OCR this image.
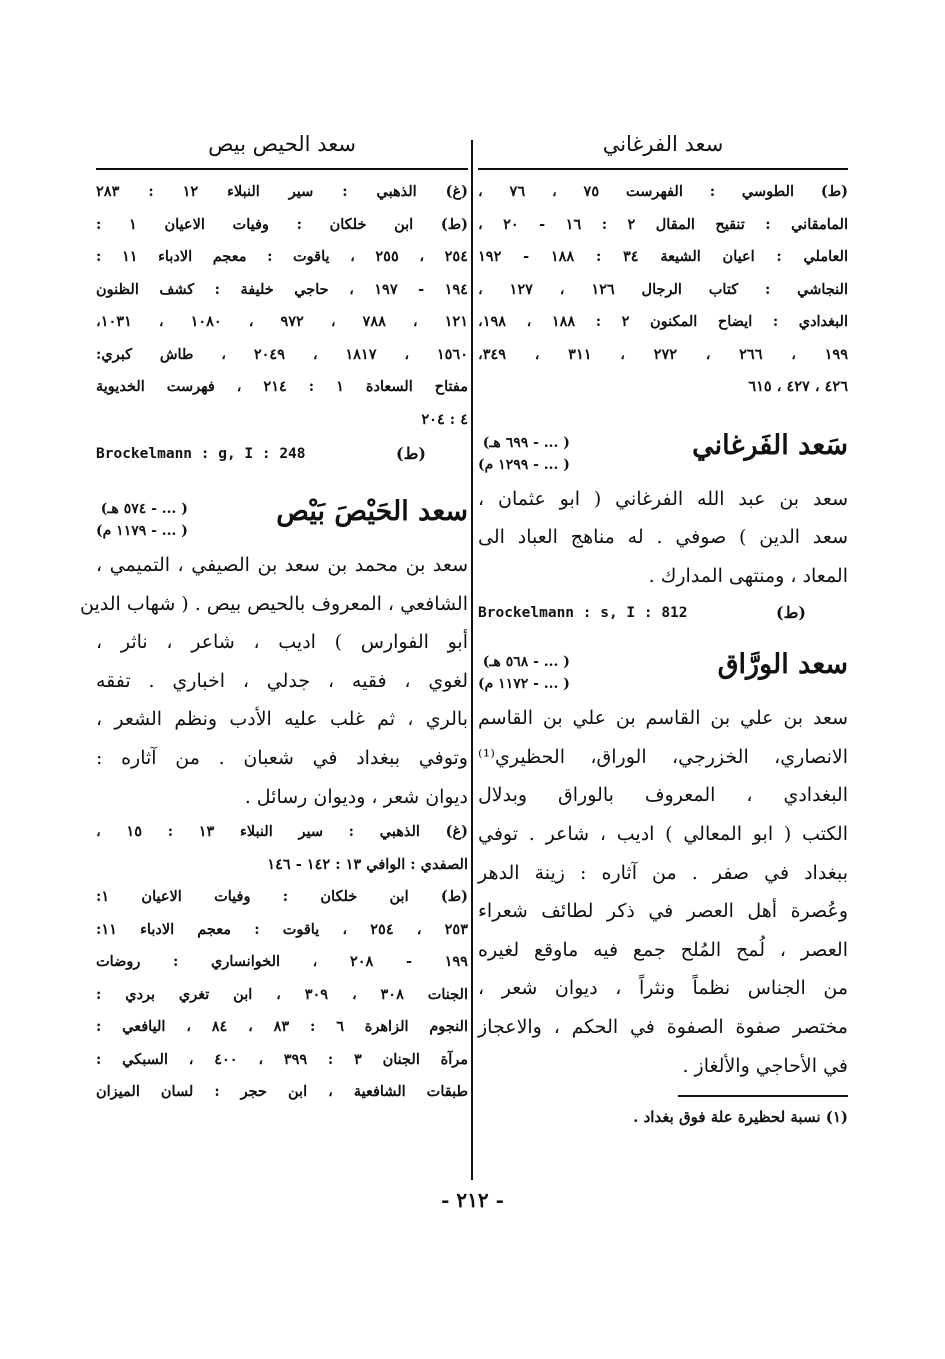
سعد الفرغاني

(ط) الطوسي : الفهرست ٧٥ ، ٧٦ ،

المامقاني : تنقيح المقال ٢ : ١٦ - ٢٠ ،

العاملي : اعيان الشيعة ٣٤ : ١٨٨ - ١٩٢

النجاشي : كتاب الرجال ١٢٦ ، ١٢٧ ،

البغدادي : ايضاح المكنون ٢ : ١٨٨ ، ١٩٨،

١٩٩ ، ٢٦٦ ، ٢٧٢ ، ٣١١ ، ٣٤٩،

٤٢٦ ، ٤٢٧ ، ٦١٥

سَعد الفَرغاني
( ... - ٦٩٩ هـ)
( ... - ١٢٩٩ م)

سعد بن عبد الله الفرغاني ( ابو عثمان ،

سعد الدين ) صوفي . له مناهج العباد الى

المعاد ، ومنتهى المدارك .

Brockelmann : s, I : 812	(ط)
سعد الورَّاق
( ... - ٥٦٨ هـ)
( ... - ١١٧٢ م)

سعد بن علي بن القاسم بن علي بن القاسم

الانصاري، الخزرجي، الوراق، الحظيري⁽¹⁾

البغدادي ، المعروف بالوراق وبدلال

الكتب ( ابو المعالي ) اديب ، شاعر . توفي

ببغداد في صفر . من آثاره : زينة الدهر

وعُصرة أهل العصر في ذكر لطائف شعراء

العصر ، لُمح المُلح جمع فيه ماوقع لغيره

من الجناس نظماً ونثراً ، ديوان شعر ،

مختصر صفوة الصفوة في الحكم ، والاعجاز

في الأحاجي والألغاز .

(١) نسبة لحظيرة علة فوق بغداد .
سعد الحيص بيص

(غ) الذهبي : سير النبلاء ١٢ : ٢٨٣

(ط) ابن خلكان : وفيات الاعيان ١ :

٢٥٤ ، ٢٥٥ ، ياقوت : معجم الادباء ١١ :

١٩٤ - ١٩٧ ، حاجي خليفة : كشف الظنون

١٢١ ، ٧٨٨ ، ٩٧٢ ، ١٠٨٠ ، ١٠٣١،

١٥٦٠ ، ١٨١٧ ، ٢٠٤٩ ، طاش كبري:

مفتاح السعادة ١ : ٢١٤ ، فهرست الخديوية

٤ : ٢٠٤

Brockelmann : g, I : 248	(ط)
سعد الحَيْصَ بَيْص
( ... - ٥٧٤ هـ)
( ... - ١١٧٩ م)

سعد بن محمد بن سعد بن الصيفي ، التميمي ،

الشافعي ، المعروف بالحيص بيص . ( شهاب الدين

أبو الفوارس ) اديب ، شاعر ، ناثر ،

لغوي ، فقيه ، جدلي ، اخباري . تفقه

بالري ، ثم غلب عليه الأدب ونظم الشعر ،

وتوفي ببغداد في شعبان . من آثاره :

ديوان شعر ، وديوان رسائل .

(غ) الذهبي : سير النبلاء ١٣ : ١٥ ،

الصفدي : الوافي ١٣ : ١٤٢ - ١٤٦

(ط) ابن خلكان : وفيات الاعيان ١:

٢٥٣ ، ٢٥٤ ، ياقوت : معجم الادباء ١١:

١٩٩ - ٢٠٨ ، الخوانساري : روضات

الجنات ٣٠٨ ، ٣٠٩ ، ابن تغري بردي :

النجوم الزاهرة ٦ : ٨٣ ، ٨٤ ، اليافعي :

مرآة الجنان ٣ : ٣٩٩ ، ٤٠٠ ، السبكي :

طبقات الشافعية ، ابن حجر : لسان الميزان

- ٢١٢ -
